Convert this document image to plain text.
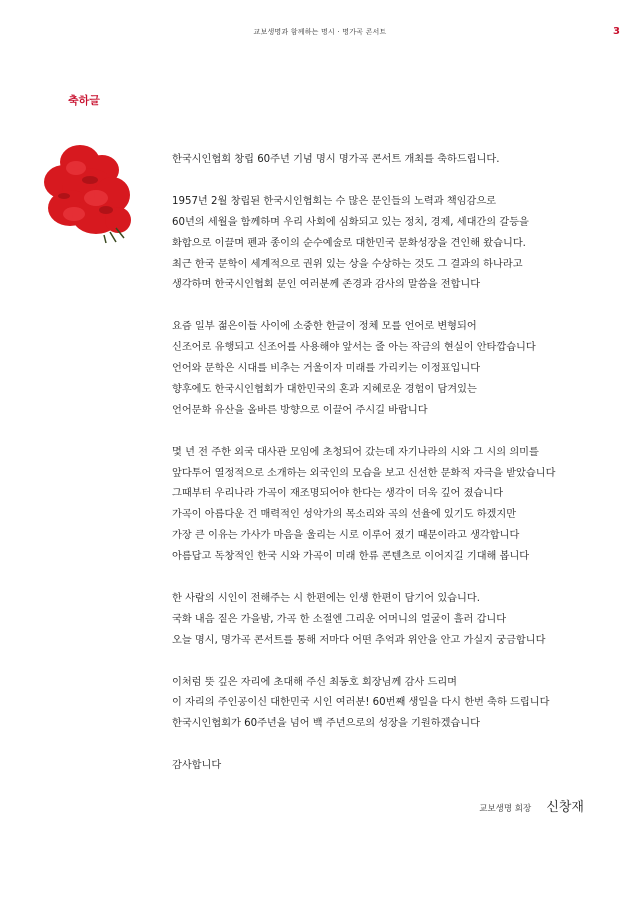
교보생명과 함께하는 명시 · 명가곡 콘서트	3
축하글
한국시인협회 창립 60주년 기념 명시 명가곡 콘서트 개최를 축하드립니다.
1957년 2월 창립된 한국시인협회는 수 많은 문인들의 노력과 책임감으로
60년의 세월을 함께하며 우리 사회에 심화되고 있는 정치, 경제, 세대간의 갈등을
화합으로 이끌며 펜과 종이의 순수예술로 대한민국 문화성장을 견인해 왔습니다.
최근 한국 문학이 세계적으로 권위 있는 상을 수상하는 것도 그 결과의 하나라고
생각하며 한국시인협회 문인 여러분께 존경과 감사의 말씀을 전합니다
요즘 일부 젊은이들 사이에 소중한 한글이 정체 모를 언어로 변형되어
신조어로 유행되고 신조어를 사용해야 앞서는 줄 아는 작금의 현실이 안타깝습니다
언어와 문학은 시대를 비추는 거울이자 미래를 가리키는 이정표입니다
향후에도 한국시인협회가 대한민국의 혼과 지혜로운 경험이 담겨있는
언어문화 유산을 올바른 방향으로 이끌어 주시길 바랍니다
몇 년 전 주한 외국 대사관 모임에 초청되어 갔는데 자기나라의 시와 그 시의 의미를
앞다투어 열정적으로 소개하는 외국인의 모습을 보고 신선한 문화적 자극을 받았습니다
그때부터 우리나라 가곡이 재조명되어야 한다는 생각이 더욱 깊어 졌습니다
가곡이 아름다운 건 매력적인 성악가의 목소리와 곡의 선율에 있기도 하겠지만
가장 큰 이유는 가사가 마음을 울리는 시로 이루어 졌기 때문이라고 생각합니다
아름답고 독창적인 한국 시와 가곡이 미래 한류 콘텐츠로 이어지길 기대해 봅니다
한 사람의 시인이 전해주는 시 한편에는 인생 한편이 담기어 있습니다.
국화 내음 짙은 가을밤, 가곡 한 소절엔 그리운 어머니의 얼굴이 흘러 갑니다
오늘 명시, 명가곡 콘서트를 통해 저마다 어떤 추억과 위안을 안고 가실지 궁금합니다
이처럼 뜻 깊은 자리에 초대해 주신 최동호 회장님께 감사 드리며
이 자리의 주인공이신 대한민국 시인 여러분! 60번째 생일을 다시 한번 축하 드립니다
한국시인협회가 60주년을 넘어 백 주년으로의 성장을 기원하겠습니다
감사합니다
교보생명 회장 신창재
